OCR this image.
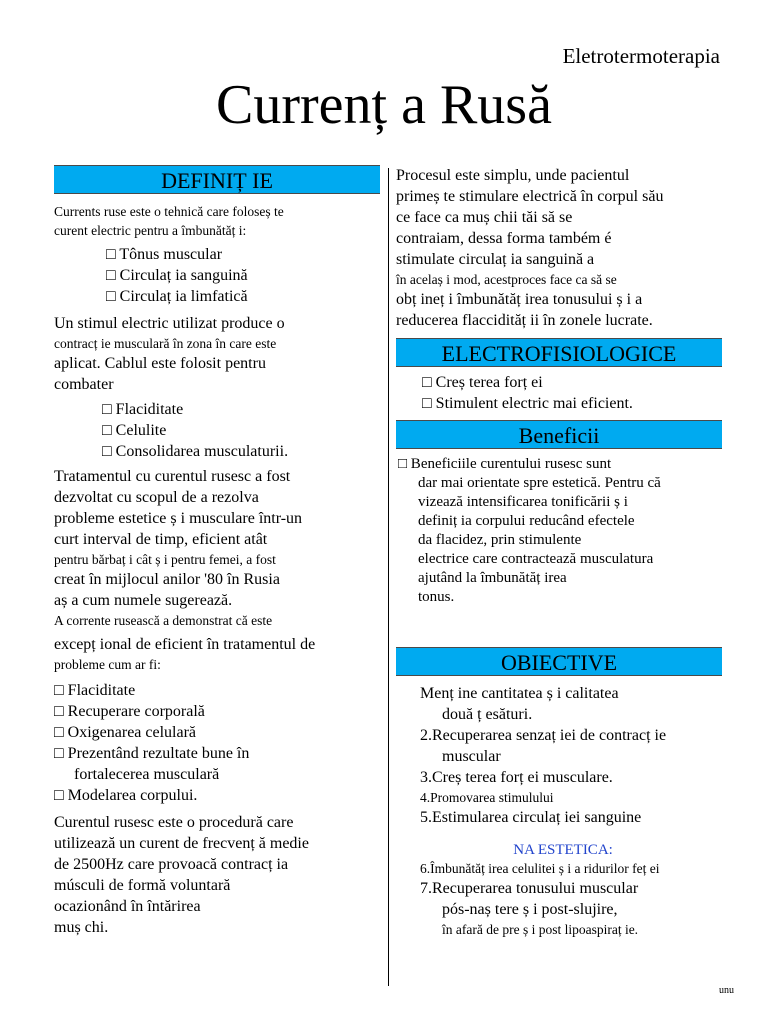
Eletrotermoterapia
Currenț a Rusă
DEFINIȚ IE
Currents ruse este o tehnică care foloseș te
curent electric pentru a îmbunătăț i:
□ Tônus muscular
□ Circulaț ia sanguină
□ Circulaț ia limfatică
Un stimul electric utilizat produce o
contracț ie musculară în zona în care este
aplicat. Cablul este folosit pentru
combater
□ Flaciditate
□ Celulite
□ Consolidarea musculaturii.
Tratamentul cu curentul rusesc a fost
dezvoltat cu scopul de a rezolva
probleme estetice ș i musculare într-un
curt interval de timp, eficient atât
pentru bărbaț i cât ș i pentru femei, a fost
creat în mijlocul anilor '80 în Rusia
aș a cum numele sugerează.
A corrente rusească a demonstrat că este
excepț ional de eficient în tratamentul de
probleme cum ar fi:
□ Flaciditate
□ Recuperare corporală
□ Oxigenarea celulară
□ Prezentând rezultate bune în
fortalecerea musculară
□ Modelarea corpului.
Curentul rusesc este o procedură care
utilizează un curent de frecvenț ă medie
de 2500Hz care provoacă contracț ia
músculi de formă voluntară
ocazionând în întărirea
muș chi.
Procesul este simplu, unde pacientul
primeș te stimulare electrică în corpul său
ce face ca muș chii tăi să se
contraiam, dessa forma também é
stimulate circulaț ia sanguină a
în acelaș i mod, acestproces face ca să se
obț ineț i îmbunătăț irea tonusului ș i a
reducerea flaccidităț ii în zonele lucrate.
ELECTROFISIOLOGICE
□ Creș terea forț ei
□ Stimulent electric mai eficient.
Beneficii
□ Beneficiile curentului rusesc sunt
dar mai orientate spre estetică. Pentru că
vizează intensificarea tonificării ș i
definiț ia corpului reducând efectele
da flacidez, prin stimulente
electrice care contractează musculatura
ajutând la îmbunătăț irea
tonus.
OBIECTIVE
Menț ine cantitatea ș i calitatea
două ț esături.
2.Recuperarea senzaț iei de contracț ie
muscular
3.Creș terea forț ei musculare.
4.Promovarea stimulului
5.Estimularea circulaț iei sanguine
NA ESTETICA:
6.Îmbunătăț irea celulitei ș i a ridurilor feț ei
7.Recuperarea tonusului muscular
pós-naș tere ș i post-slujire,
în afară de pre ș i post lipoaspiraț ie.
unu
